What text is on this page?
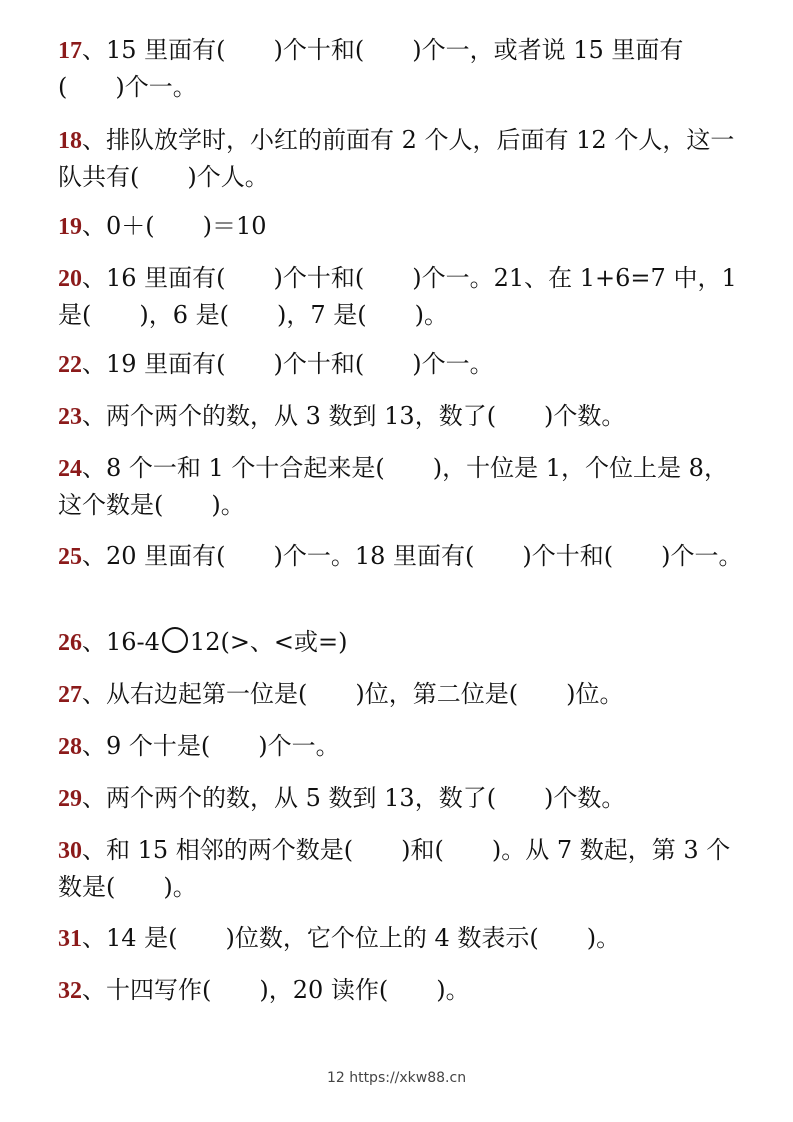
17、15 里面有(　　)个十和(　　)个一，或者说 15 里面有(　　)个一。

18、排队放学时，小红的前面有 2 个人，后面有 12 个人，这一队共有(　　)个人。

19、0＋(　　)＝10

20、16 里面有(　　)个十和(　　)个一。21、在 1+6=7 中，1 是(　　)，6 是(　　)，7 是(　　)。

22、19 里面有(　　)个十和(　　)个一。

23、两个两个的数，从 3 数到 13，数了(　　)个数。

24、8 个一和 1 个十合起来是(　　)，十位是 1，个位上是 8，这个数是(　　)。

25、20 里面有(　　)个一。18 里面有(　　)个十和(　　)个一。

26、16-4 12(>、<或=)

27、从右边起第一位是(　　)位，第二位是(　　)位。

28、9 个十是(　　)个一。

29、两个两个的数，从 5 数到 13，数了(　　)个数。

30、和 15 相邻的两个数是(　　)和(　　)。从 7 数起，第 3 个数是(　　)。

31、14 是(　　)位数，它个位上的 4 数表示(　　)。

32、十四写作(　　)，20 读作(　　)。

12 https://xkw88.cn
